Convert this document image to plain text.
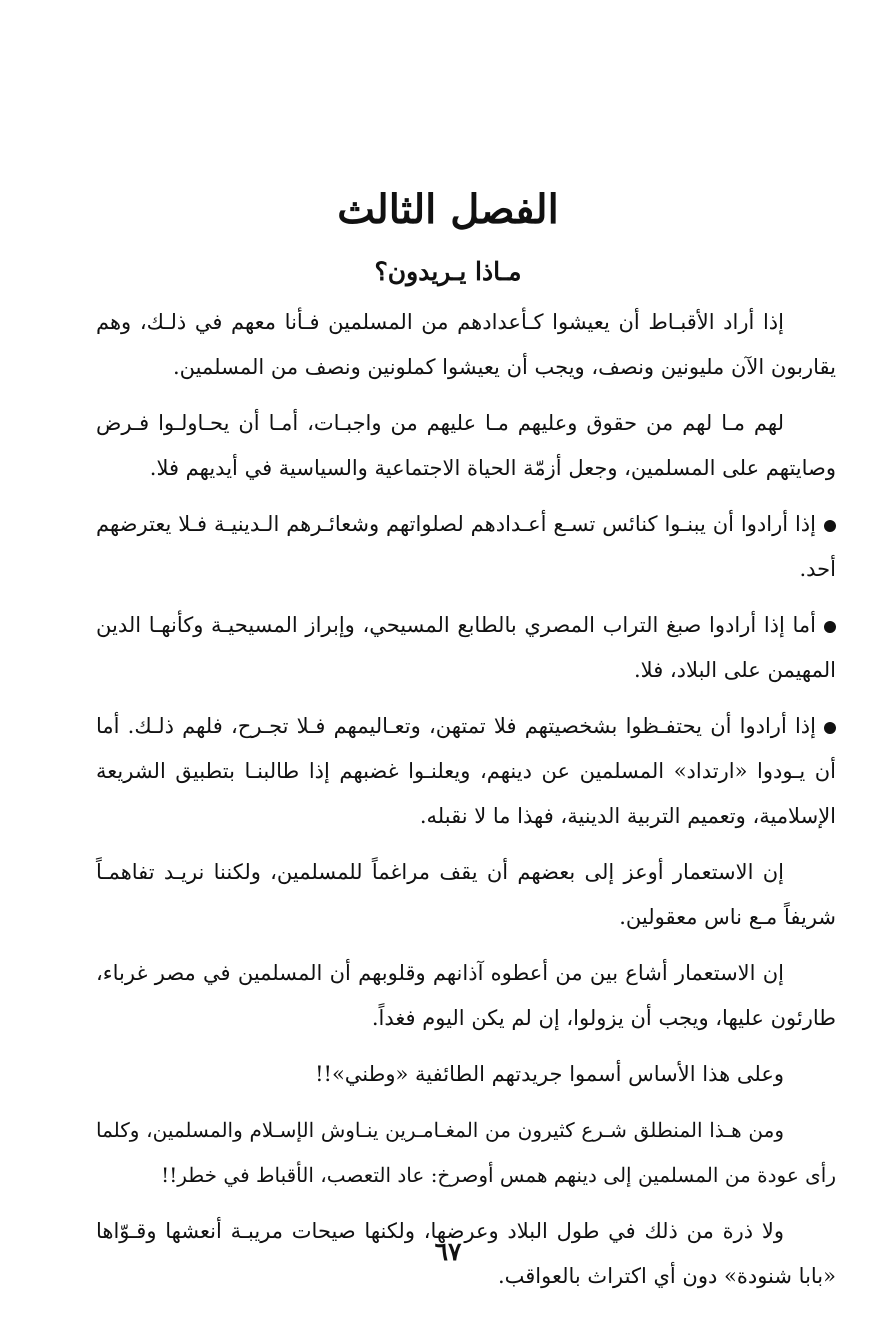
الفصل الثالث
مـاذا يـريدون؟

إذا أراد الأقبـاط أن يعيشوا كـأعدادهم من المسلمين فـأنا معهم في ذلـك، وهم يقاربون الآن مليونين ونصف، ويجب أن يعيشوا كملونين ونصف من المسلمين.

لهم مـا لهم من حقوق وعليهم مـا عليهم من واجبـات، أمـا أن يحـاولـوا فـرض وصايتهم على المسلمين، وجعل أزمّة الحياة الاجتماعية والسياسية في أيديهم فلا.

إذا أرادوا أن يبنـوا كنائس تسـع أعـدادهم لصلواتهم وشعائـرهم الـدينيـة فـلا يعترضهم أحد.

أما إذا أرادوا صبغ التراب المصري بالطابع المسيحي، وإبراز المسيحيـة وكأنهـا الدين المهيمن على البلاد، فلا.

إذا أرادوا أن يحتفـظوا بشخصيتهم فلا تمتهن، وتعـاليمهم فـلا تجـرح، فلهم ذلـك. أما أن يـودوا «ارتداد» المسلمين عن دينهم، ويعلنـوا غضبهم إذا طالبنـا بتطبيق الشريعة الإسلامية، وتعميم التربية الدينية، فهذا ما لا نقبله.

إن الاستعمار أوعز إلى بعضهم أن يقف مراغماً للمسلمين، ولكننا نريـد تفاهمـاً شريفاً مـع ناس معقولين.

إن الاستعمار أشاع بين من أعطوه آذانهم وقلوبهم أن المسلمين في مصر غرباء، طارئون عليها، ويجب أن يزولوا، إن لم يكن اليوم فغداً.

وعلى هذا الأساس أسموا جريدتهم الطائفية «وطني»!!

ومن هـذا المنطلق شـرع كثيرون من المغـامـرين ينـاوش الإسـلام والمسلمين، وكلما رأى عودة من المسلمين إلى دينهم همس أوصرخ: عاد التعصب، الأقباط في خطر!!

ولا ذرة من ذلك في طول البلاد وعرضها، ولكنها صيحات مريبـة أنعشها وقـوّاها «بابا شنودة» دون أي اكتراث بالعواقب.

٦٧
